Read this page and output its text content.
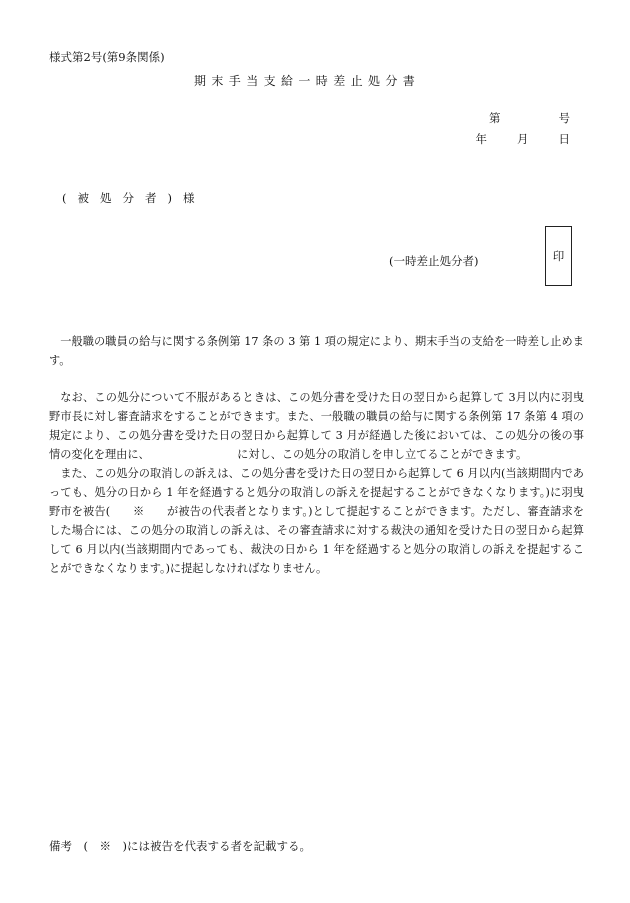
様式第2号(第9条関係)
期末手当支給一時差止処分書
第	号
年	月	日
(被処分者)様
(一時差止処分者)	印

一般職の職員の給与に関する条例第 17 条の 3 第 1 項の規定により、期末手当の支給を一時差し止めます。

なお、この処分について不服があるときは、この処分書を受けた日の翌日から起算して 3月以内に羽曳野市長に対し審査請求をすることができます。また、一般職の職員の給与に関する条例第 17 条第 4 項の規定により、この処分書を受けた日の翌日から起算して 3 月が経過した後においては、この処分の後の事情の変化を理由に、　　　　　　　　 に対し、この処分の取消しを申し立てることができます。

また、この処分の取消しの訴えは、この処分書を受けた日の翌日から起算して 6 月以内(当該期間内であっても、処分の日から 1 年を経過すると処分の取消しの訴えを提起することができなくなります。)に羽曳野市を被告(　　※　　が被告の代表者となります。)として提起することができます。ただし、審査請求をした場合には、この処分の取消しの訴えは、その審査請求に対する裁決の通知を受けた日の翌日から起算して 6 月以内(当該期間内であっても、裁決の日から 1 年を経過すると処分の取消しの訴えを提起することができなくなります。)に提起しなければなりません。

備考　(　※　)には被告を代表する者を記載する。
